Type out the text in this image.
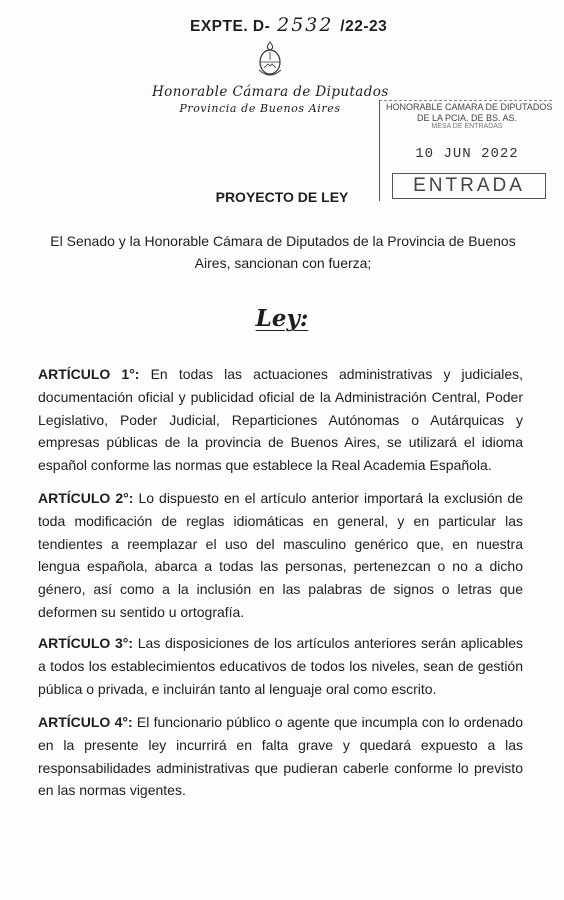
EXPTE. D- 2532 /22-23
Honorable Cámara de Diputados
Provincia de Buenos Aires	HONORABLE CAMARA DE DIPUTADOS
DE LA PCIA. DE BS. AS.
MESA DE ENTRADAS
10 JUN 2022
ENTRADA
PROYECTO DE LEY
El Senado y la Honorable Cámara de Diputados de la Provincia de Buenos Aires, sancionan con fuerza;
Ley:
ARTÍCULO 1°: En todas las actuaciones administrativas y judiciales, documentación oficial y publicidad oficial de la Administración Central, Poder Legislativo, Poder Judicial, Reparticiones Autónomas o Autárquicas y empresas públicas de la provincia de Buenos Aires, se utilizará el idioma español conforme las normas que establece la Real Academia Española.
ARTÍCULO 2°: Lo dispuesto en el artículo anterior importará la exclusión de toda modificación de reglas idiomáticas en general, y en particular las tendientes a reemplazar el uso del masculino genérico que, en nuestra lengua española, abarca a todas las personas, pertenezcan o no a dicho género, así como a la inclusión en las palabras de signos o letras que deformen su sentido u ortografía.
ARTÍCULO 3°: Las disposiciones de los artículos anteriores serán aplicables a todos los establecimientos educativos de todos los niveles, sean de gestión pública o privada, e incluirán tanto al lenguaje oral como escrito.
ARTÍCULO 4°: El funcionario público o agente que incumpla con lo ordenado en la presente ley incurrirá en falta grave y quedará expuesto a las responsabilidades administrativas que pudieran caberle conforme lo previsto en las normas vigentes.
